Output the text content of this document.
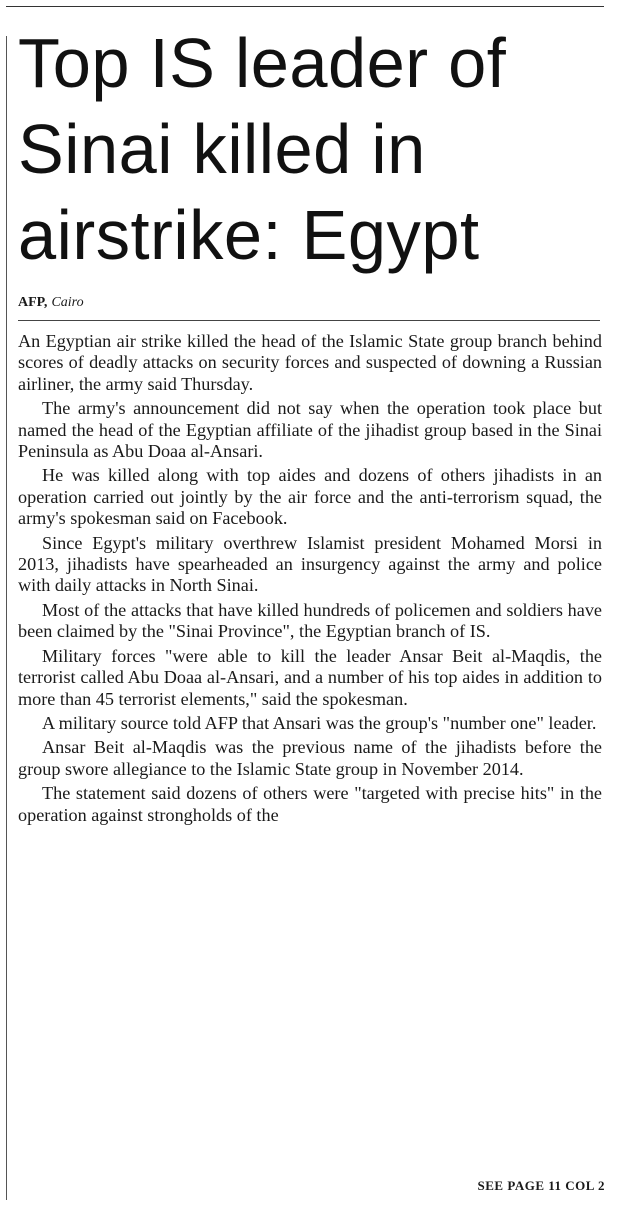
Top IS leader of
Sinai killed in
airstrike: Egypt
AFP, Cairo

An Egyptian air strike killed the head of the Islamic State group branch behind scores of deadly attacks on security forces and suspected of downing a Russian airliner, the army said Thursday.

The army's announcement did not say when the operation took place but named the head of the Egyptian affiliate of the jihadist group based in the Sinai Peninsula as Abu Doaa al-Ansari.

He was killed along with top aides and dozens of others jihadists in an operation carried out jointly by the air force and the anti-terrorism squad, the army's spokesman said on Facebook.

Since Egypt's military overthrew Islamist president Mohamed Morsi in 2013, jihadists have spearheaded an insurgency against the army and police with daily attacks in North Sinai.

Most of the attacks that have killed hundreds of policemen and soldiers have been claimed by the "Sinai Province", the Egyptian branch of IS.

Military forces "were able to kill the leader Ansar Beit al-Maqdis, the terrorist called Abu Doaa al-Ansari, and a number of his top aides in addition to more than 45 terrorist elements," said the spokesman.

A military source told AFP that Ansari was the group's "number one" leader.

Ansar Beit al-Maqdis was the previous name of the jihadists before the group swore allegiance to the Islamic State group in November 2014.

The statement said dozens of others were "targeted with precise hits" in the operation against strongholds of the

SEE PAGE 11 COL 2
